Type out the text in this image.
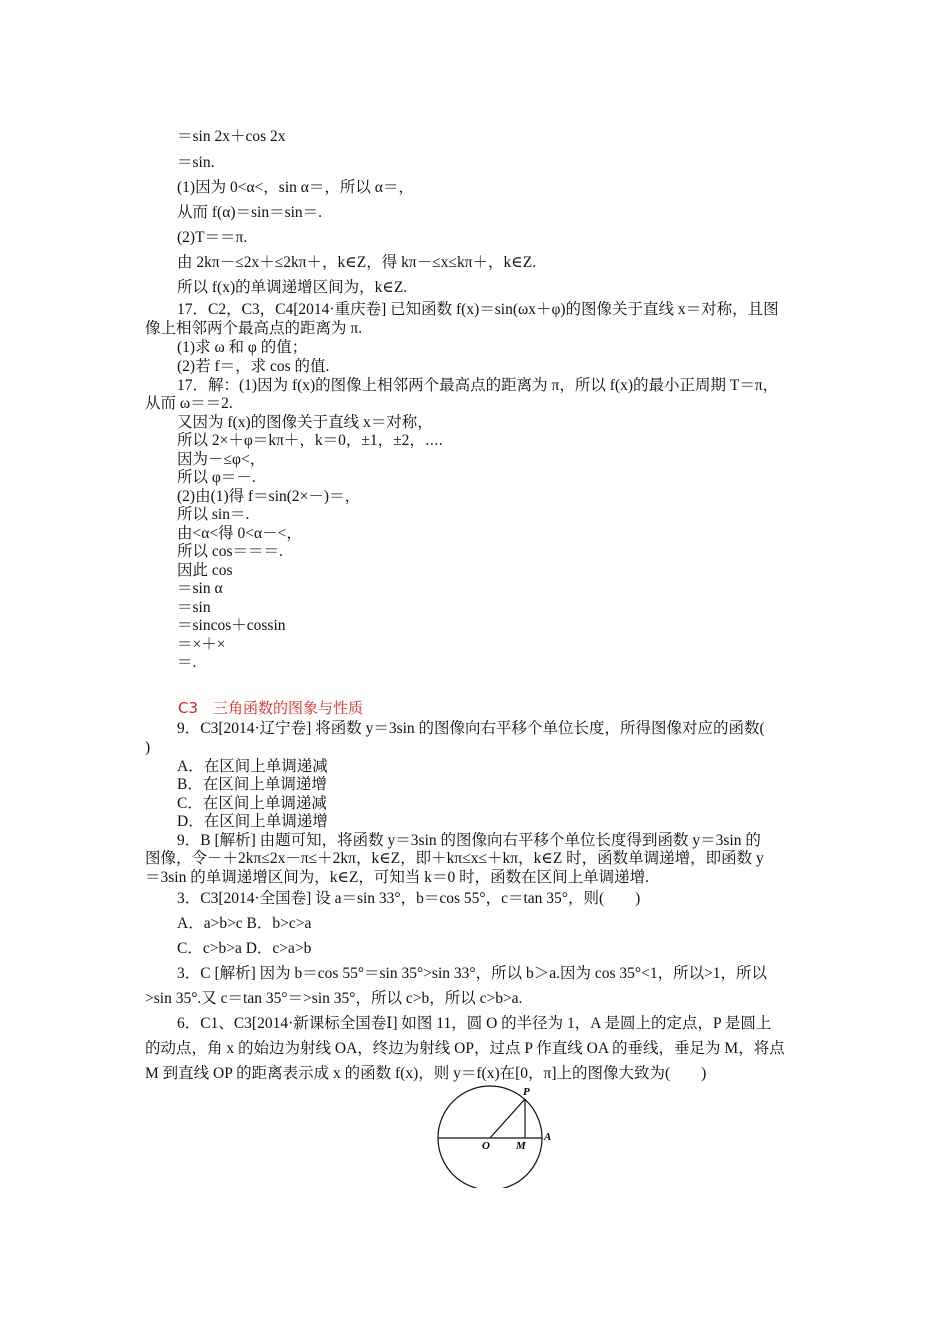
＝sin 2x＋cos 2x
＝sin.
(1)因为 0<α<，sin α＝，所以 α＝，
从而 f(α)＝sin＝sin＝.
(2)T＝＝π.
由 2kπ－≤2x＋≤2kπ＋，k∈Z，得 kπ－≤x≤kπ＋，k∈Z.
所以 f(x)的单调递增区间为，k∈Z.
17．C2，C3，C4[2014·重庆卷] 已知函数 f(x)＝sin(ωx＋φ)的图像关于直线 x＝对称，且图
像上相邻两个最高点的距离为 π.
(1)求 ω 和 φ 的值；
(2)若 f＝，求 cos 的值.
17．解：(1)因为 f(x)的图像上相邻两个最高点的距离为 π，所以 f(x)的最小正周期 T＝π，
从而 ω＝＝2.
又因为 f(x)的图像关于直线 x＝对称，
所以 2×＋φ＝kπ＋，k＝0，±1，±2，⋯.
因为－≤φ<，
所以 φ＝－.
(2)由(1)得 f＝sin(2×－)＝，
所以 sin＝.
由<α<得 0<α－<，
所以 cos＝＝＝.
因此 cos
＝sin α
＝sin
＝sincos＋cossin
＝×＋×
＝.
9．C3[2014·辽宁卷] 将函数 y＝3sin 的图像向右平移个单位长度，所得图像对应的函数(
)
A．在区间上单调递减
B．在区间上单调递增
C．在区间上单调递减
D．在区间上单调递增
9．B [解析] 由题可知，将函数 y＝3sin 的图像向右平移个单位长度得到函数 y＝3sin 的
图像，令－＋2kπ≤2x－π≤＋2kπ，k∈Z，即＋kπ≤x≤＋kπ，k∈Z 时，函数单调递增，即函数 y
＝3sin 的单调递增区间为，k∈Z，可知当 k＝0 时，函数在区间上单调递增.
3．C3[2014·全国卷] 设 a＝sin 33°，b＝cos 55°，c＝tan 35°，则(　　)
A．a>b>c B．b>c>a
C．c>b>a D．c>a>b
3．C [解析] 因为 b＝cos 55°＝sin 35°>sin 33°，所以 b＞a.因为 cos 35°<1，所以>1，所以
>sin 35°.又 c＝tan 35°＝>sin 35°，所以 c>b，所以 c>b>a.
6．C1、C3[2014·新课标全国卷Ⅰ] 如图 11，圆 O 的半径为 1，A 是圆上的定点，P 是圆上
的动点，角 x 的始边为射线 OA，终边为射线 OP，过点 P 作直线 OA 的垂线，垂足为 M，将点
M 到直线 OP 的距离表示成 x 的函数 f(x)，则 y＝f(x)在[0，π]上的图像大致为(　　)
C3　三角函数的图象与性质
P
O M
A
